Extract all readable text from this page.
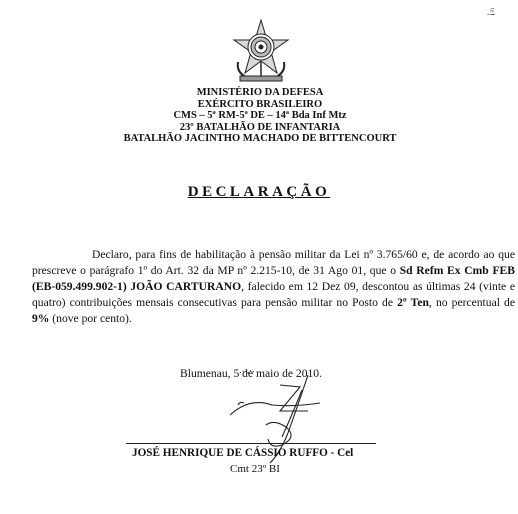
ᵗᵉ!
MINISTÉRIO DA DEFESA
EXÉRCITO BRASILEIRO
CMS – 5ª RM-5ª DE – 14ª Bda Inf Mtz
23º BATALHÃO DE INFANTARIA
BATALHÃO JACINTHO MACHADO DE BITTENCOURT
DECLARAÇÃO
Declaro, para fins de habilitação à pensão militar da Lei nº 3.765/60 e, de acordo ao que prescreve o parágrafo 1º do Art. 32 da MP nº 2.215-10, de 31 Ago 01, que o Sd Refm Ex Cmb FEB (EB-059.499.902-1) JOÃO CARTURANO, falecido em 12 Dez 09, descontou as últimas 24 (vinte e quatro) contribuições mensais consecutivas para pensão militar no Posto de 2º Ten, no percentual de 9% (nove por cento).
Blumenau, 5 de maio de 2010.
JOSÉ HENRIQUE DE CÁSSIO RUFFO - Cel
Cmt 23º BI
